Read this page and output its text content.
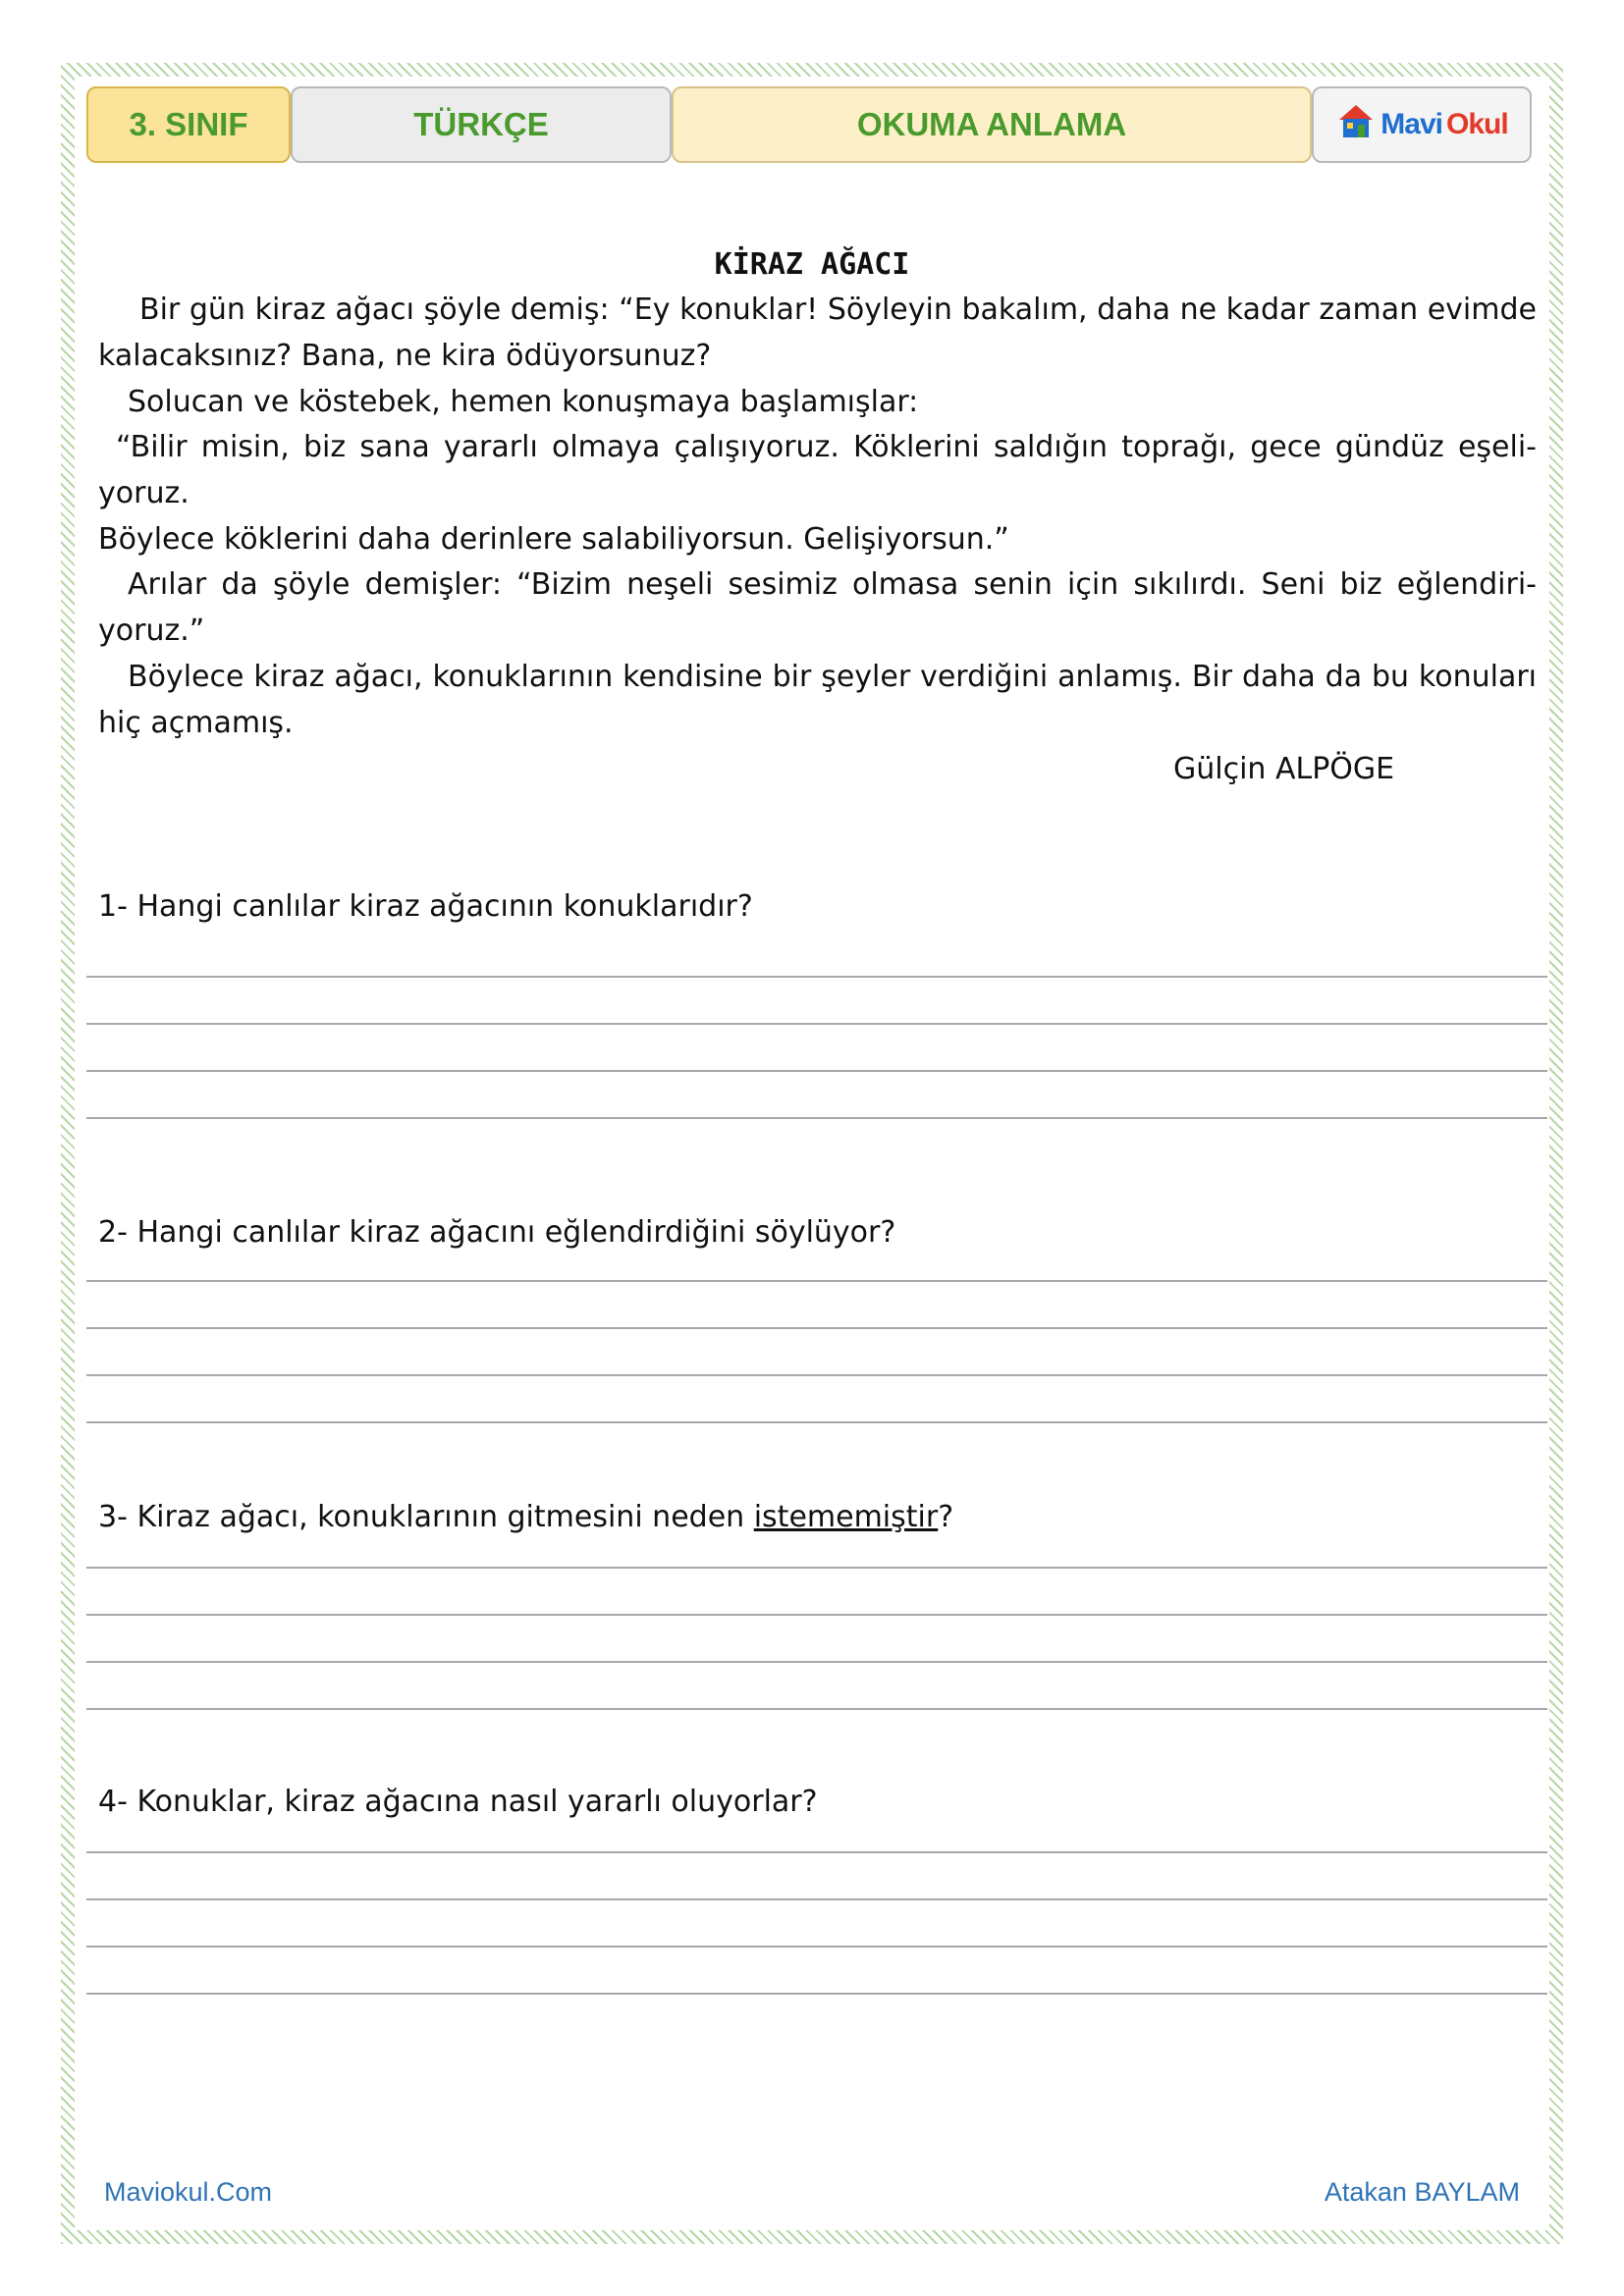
3. SINIF	TÜRKÇE	OKUMA ANLAMA	Mavi Okul
KİRAZ AĞACI
Bir gün kiraz ağacı şöyle demiş: “Ey konuklar! Söyleyin bakalım, daha ne kadar zaman evimde
kalacaksınız? Bana, ne kira ödüyorsunuz?
Solucan ve köstebek, hemen konuşmaya başlamışlar:
“Bilir misin, biz sana yararlı olmaya çalışıyoruz. Köklerini saldığın toprağı, gece gündüz eşeli-
yoruz.
Böylece köklerini daha derinlere salabiliyorsun. Gelişiyorsun.”
Arılar da şöyle demişler: “Bizim neşeli sesimiz olmasa senin için sıkılırdı. Seni biz eğlendiri-
yoruz.”
Böylece kiraz ağacı, konuklarının kendisine bir şeyler verdiğini anlamış. Bir daha da bu konuları
hiç açmamış.
Gülçin ALPÖGE
1- Hangi canlılar kiraz ağacının konuklarıdır?
2- Hangi canlılar kiraz ağacını eğlendirdiğini söylüyor?
3- Kiraz ağacı, konuklarının gitmesini neden istememiştir?
4- Konuklar, kiraz ağacına nasıl yararlı oluyorlar?
Maviokul.Com	Atakan BAYLAM
